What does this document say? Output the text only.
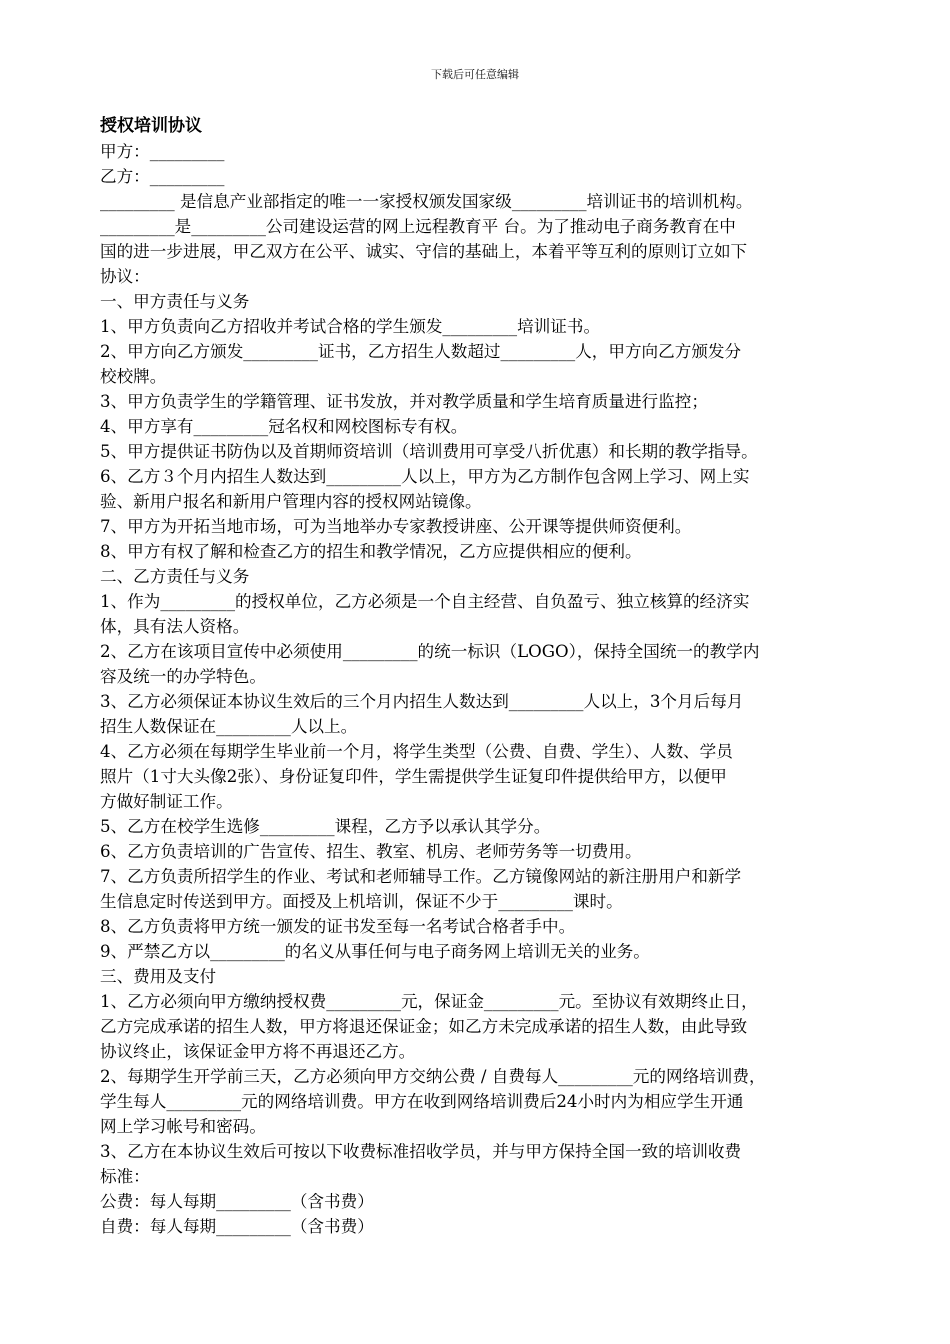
下载后可任意编辑
授权培训协议
甲方：_________
乙方：_________
_________ 是信息产业部指定的唯一一家授权颁发国家级_________培训证书的培训机构。
_________是_________公司建设运营的网上远程教育平 台。为了推动电子商务教育在中
国的进一步进展，甲乙双方在公平、诚实、守信的基础上，本着平等互利的原则订立如下
协议：
一、甲方责任与义务
1、甲方负责向乙方招收并考试合格的学生颁发_________培训证书。
2、甲方向乙方颁发_________证书，乙方招生人数超过_________人，甲方向乙方颁发分
校校牌。
3、甲方负责学生的学籍管理、证书发放，并对教学质量和学生培育质量进行监控；
4、甲方享有_________冠名权和网校图标专有权。
5、甲方提供证书防伪以及首期师资培训（培训费用可享受八折优惠）和长期的教学指导。
6、乙方３个月内招生人数达到_________人以上，甲方为乙方制作包含网上学习、网上实
验、新用户报名和新用户管理内容的授权网站镜像。
7、甲方为开拓当地市场，可为当地举办专家教授讲座、公开课等提供师资便利。
8、甲方有权了解和检查乙方的招生和教学情况，乙方应提供相应的便利。
二、乙方责任与义务
1、作为_________的授权单位，乙方必须是一个自主经营、自负盈亏、独立核算的经济实
体，具有法人资格。
2、乙方在该项目宣传中必须使用_________的统一标识（LOGO），保持全国统一的教学内
容及统一的办学特色。
3、乙方必须保证本协议生效后的三个月内招生人数达到_________人以上，3个月后每月
招生人数保证在_________人以上。
4、乙方必须在每期学生毕业前一个月，将学生类型（公费、自费、学生）、人数、学员
照片（1寸大头像2张）、身份证复印件，学生需提供学生证复印件提供给甲方，以便甲
方做好制证工作。
5、乙方在校学生选修_________课程，乙方予以承认其学分。
6、乙方负责培训的广告宣传、招生、教室、机房、老师劳务等一切费用。
7、乙方负责所招学生的作业、考试和老师辅导工作。乙方镜像网站的新注册用户和新学
生信息定时传送到甲方。面授及上机培训，保证不少于_________课时。
8、乙方负责将甲方统一颁发的证书发至每一名考试合格者手中。
9、严禁乙方以_________的名义从事任何与电子商务网上培训无关的业务。
三、费用及支付
1、乙方必须向甲方缴纳授权费_________元，保证金_________元。至协议有效期终止日，
乙方完成承诺的招生人数，甲方将退还保证金；如乙方未完成承诺的招生人数，由此导致
协议终止，该保证金甲方将不再退还乙方。
2、每期学生开学前三天，乙方必须向甲方交纳公费 / 自费每人_________元的网络培训费，
学生每人_________元的网络培训费。甲方在收到网络培训费后24小时内为相应学生开通
网上学习帐号和密码。
3、乙方在本协议生效后可按以下收费标准招收学员，并与甲方保持全国一致的培训收费
标准：
公费：每人每期_________（含书费）
自费：每人每期_________（含书费）
